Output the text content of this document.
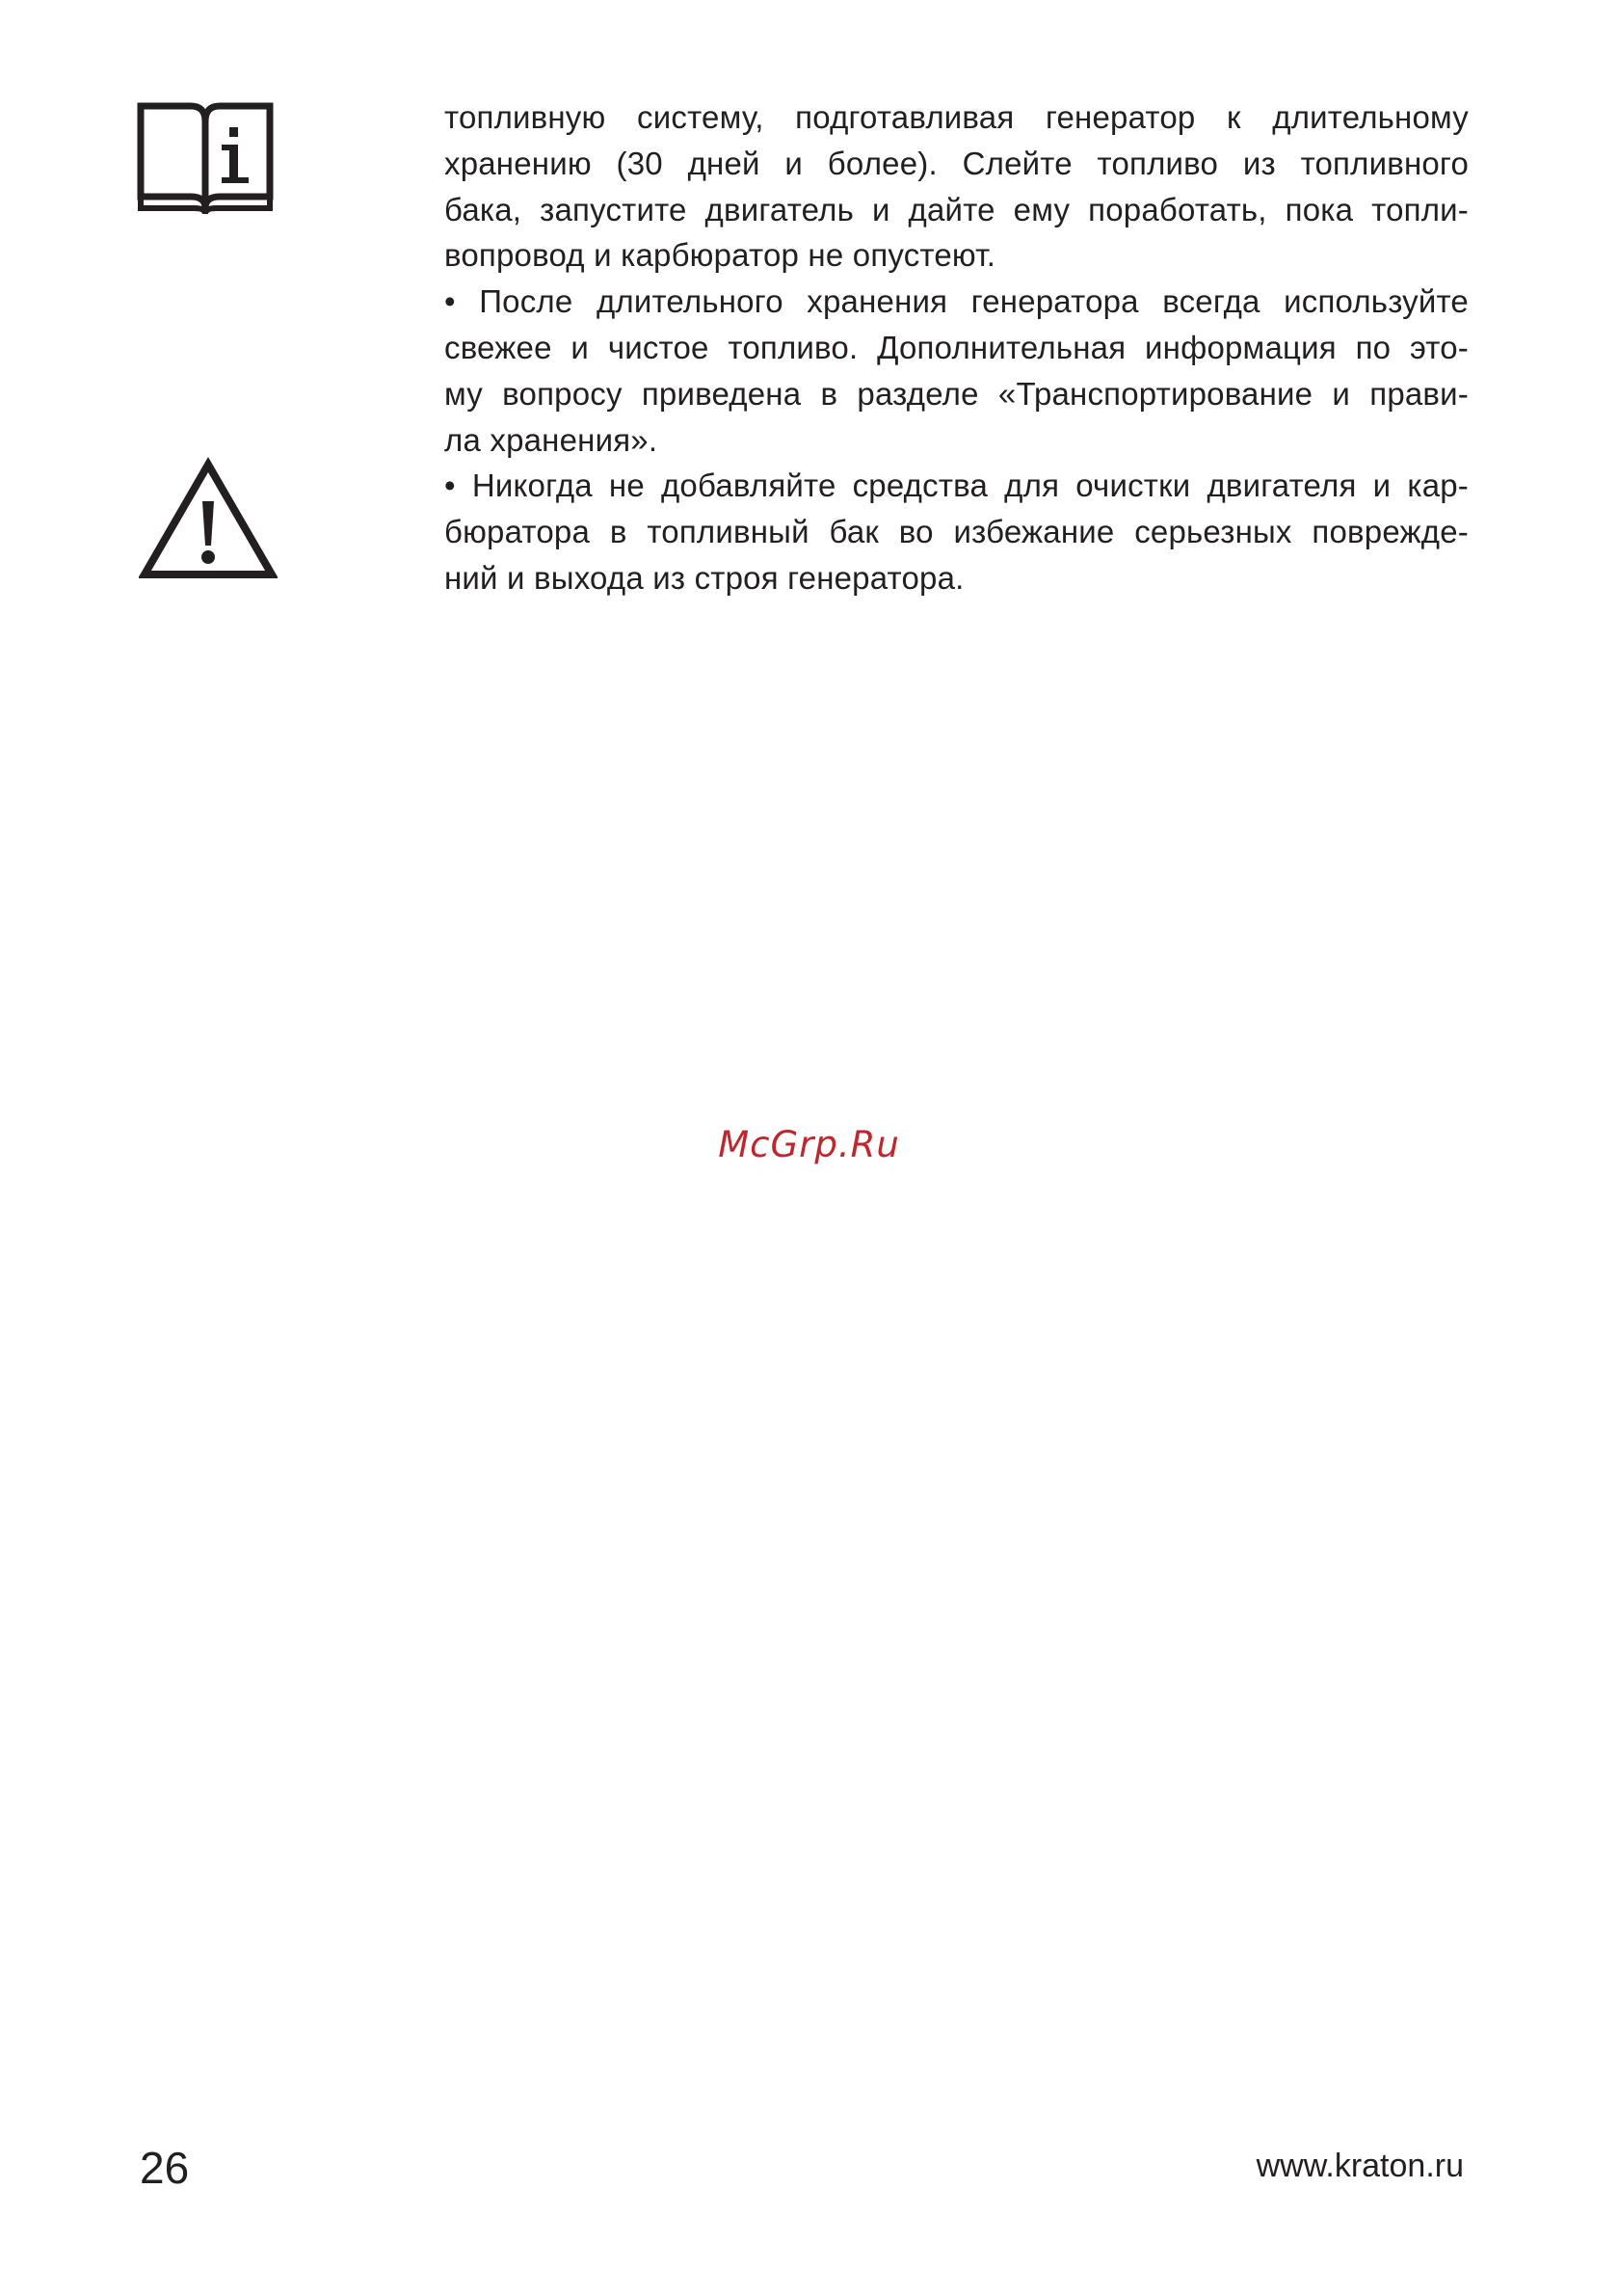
топливную систему, подготавливая генератор к длительному
хранению (30 дней и более). Слейте топливо из топливного
бака, запустите двигатель и дайте ему поработать, пока топли-
вопровод и карбюратор не опустеют.
• После длительного хранения генератора всегда используйте
свежее и чистое топливо. Дополнительная информация по это-
му вопросу приведена в разделе «Транспортирование и прави-
ла хранения».
• Никогда не добавляйте средства для очистки двигателя и кар-
бюратора в топливный бак во избежание серьезных поврежде-
ний и выхода из строя генератора.
McGrp.Ru
26	www.kraton.ru
